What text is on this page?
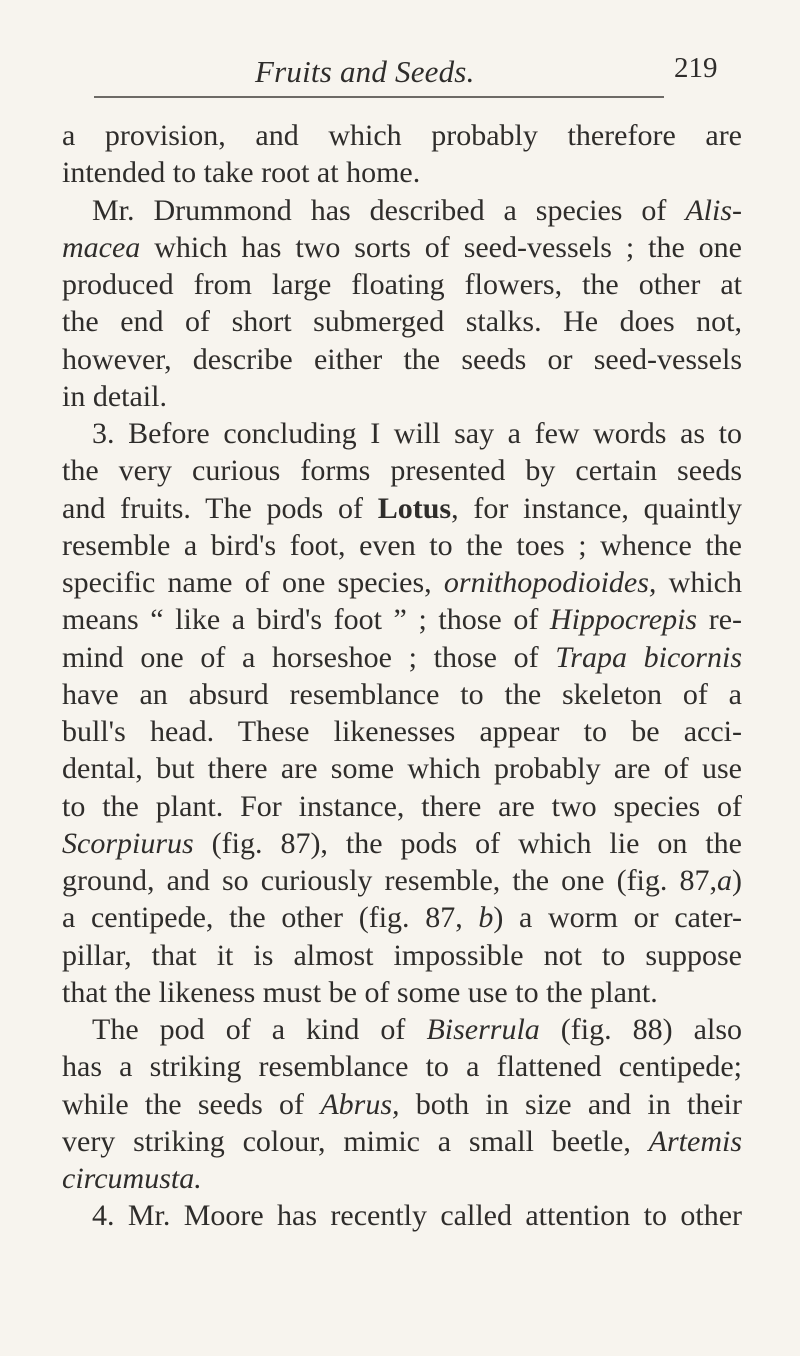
Fruits and Seeds.	219
a provision, and which probably therefore are
intended to take root at home.
Mr. Drummond has described a species of Alis-
macea which has two sorts of seed-vessels ; the one
produced from large floating flowers, the other at
the end of short submerged stalks. He does not,
however, describe either the seeds or seed-vessels
in detail.
3. Before concluding I will say a few words as to
the very curious forms presented by certain seeds
and fruits. The pods of Lotus, for instance, quaintly
resemble a bird's foot, even to the toes ; whence the
specific name of one species, ornithopodioides, which
means “ like a bird's foot ” ; those of Hippocrepis re-
mind one of a horseshoe ; those of Trapa bicornis
have an absurd resemblance to the skeleton of a
bull's head. These likenesses appear to be acci-
dental, but there are some which probably are of use
to the plant. For instance, there are two species of
Scorpiurus (fig. 87), the pods of which lie on the
ground, and so curiously resemble, the one (fig. 87,a)
a centipede, the other (fig. 87, b) a worm or cater-
pillar, that it is almost impossible not to suppose
that the likeness must be of some use to the plant.
The pod of a kind of Biserrula (fig. 88) also
has a striking resemblance to a flattened centipede;
while the seeds of Abrus, both in size and in their
very striking colour, mimic a small beetle, Artemis
circumusta.
4. Mr. Moore has recently called attention to other
